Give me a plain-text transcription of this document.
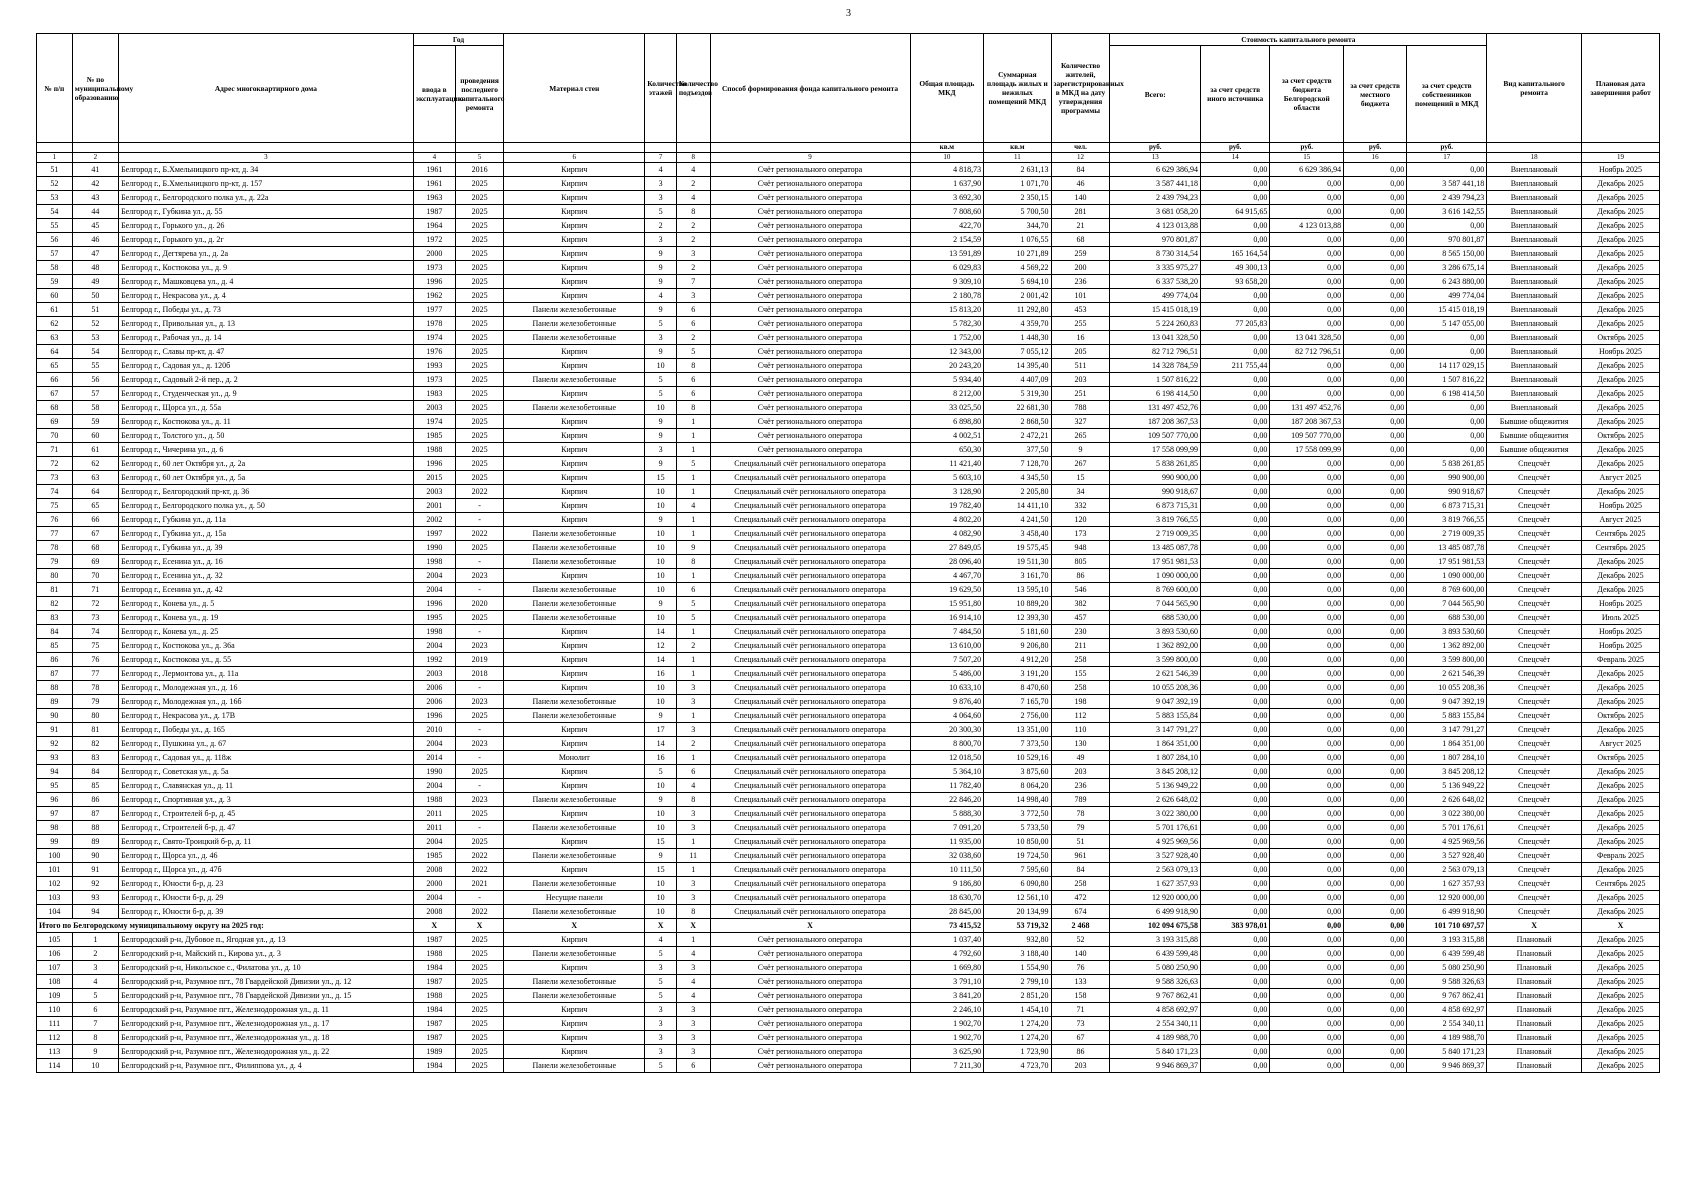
3
№ п/п	№ по муниципальному образованию	Адрес многоквартирного дома	Год		Материал стен	Количество этажей	Количество подъездов	Способ формирования фонда капитального ремонта	Общая площадь МКД	Суммарная площадь жилых и нежилых помещений МКД	Количество жителей, зарегистрированных в МКД на дату утверждения программы	Стоимость капитального ремонта					Вид капитального ремонта	Плановая дата завершения работ
			ввода в эксплуатацию	проведения последнего капитального ремонта								Всего:	за счет средств иного источника	за счет средств бюджета Белгородской области	за счет средств местного бюджета	за счет средств собственников помещений в МКД		
									кв.м	кв.м	чел.	руб.	руб.	руб.	руб.	руб.		
1	2	3	4	5	6	7	8	9	10	11	12	13	14	15	16	17	18	19
51	41	Белгород г., Б.Хмельницкого пр-кт, д. 34	1961	2016	Кирпич	4	4	Счёт регионального оператора	4 818,73	2 631,13	84	6 629 386,94	0,00	6 629 386,94	0,00	0,00	Внеплановый	Ноябрь 2025
52	42	Белгород г., Б.Хмельницкого пр-кт, д. 157	1961	2025	Кирпич	3	2	Счёт регионального оператора	1 637,90	1 071,70	46	3 587 441,18	0,00	0,00	0,00	3 587 441,18	Внеплановый	Декабрь 2025
53	43	Белгород г., Белгородского полка ул., д. 22а	1963	2025	Кирпич	3	4	Счёт регионального оператора	3 692,30	2 350,15	140	2 439 794,23	0,00	0,00	0,00	2 439 794,23	Внеплановый	Декабрь 2025
54	44	Белгород г., Губкина ул., д. 55	1987	2025	Кирпич	5	8	Счёт регионального оператора	7 808,60	5 700,50	281	3 681 058,20	64 915,65	0,00	0,00	3 616 142,55	Внеплановый	Декабрь 2025
55	45	Белгород г., Горького ул., д. 26	1964	2025	Кирпич	2	2	Счёт регионального оператора	422,70	344,70	21	4 123 013,88	0,00	4 123 013,88	0,00	0,00	Внеплановый	Декабрь 2025
56	46	Белгород г., Горького ул., д. 2г	1972	2025	Кирпич	3	2	Счёт регионального оператора	2 154,59	1 076,55	68	970 801,87	0,00	0,00	0,00	970 801,87	Внеплановый	Декабрь 2025
57	47	Белгород г., Дегтярева ул., д. 2а	2000	2025	Кирпич	9	3	Счёт регионального оператора	13 591,89	10 271,89	259	8 730 314,54	165 164,54	0,00	0,00	8 565 150,00	Внеплановый	Декабрь 2025
58	48	Белгород г., Костюкова ул., д. 9	1973	2025	Кирпич	9	2	Счёт регионального оператора	6 029,83	4 569,22	200	3 335 975,27	49 300,13	0,00	0,00	3 286 675,14	Внеплановый	Декабрь 2025
59	49	Белгород г., Машковцева ул., д. 4	1996	2025	Кирпич	9	7	Счёт регионального оператора	9 309,10	5 694,10	236	6 337 538,20	93 658,20	0,00	0,00	6 243 880,00	Внеплановый	Декабрь 2025
60	50	Белгород г., Некрасова ул., д. 4	1962	2025	Кирпич	4	3	Счёт регионального оператора	2 180,78	2 001,42	101	499 774,04	0,00	0,00	0,00	499 774,04	Внеплановый	Декабрь 2025
61	51	Белгород г., Победы ул., д. 73	1977	2025	Панели железобетонные	9	6	Счёт регионального оператора	15 813,20	11 292,80	453	15 415 018,19	0,00	0,00	0,00	15 415 018,19	Внеплановый	Декабрь 2025
62	52	Белгород г., Привольная ул., д. 13	1978	2025	Панели железобетонные	5	6	Счёт регионального оператора	5 782,30	4 359,70	255	5 224 260,83	77 205,83	0,00	0,00	5 147 055,00	Внеплановый	Декабрь 2025
63	53	Белгород г., Рабочая ул., д. 14	1974	2025	Панели железобетонные	3	2	Счёт регионального оператора	1 752,00	1 448,30	16	13 041 328,50	0,00	13 041 328,50	0,00	0,00	Внеплановый	Октябрь 2025
64	54	Белгород г., Славы пр-кт, д. 47	1976	2025	Кирпич	9	5	Счёт регионального оператора	12 343,00	7 055,12	205	82 712 796,51	0,00	82 712 796,51	0,00	0,00	Внеплановый	Ноябрь 2025
65	55	Белгород г., Садовая ул., д. 120б	1993	2025	Кирпич	10	8	Счёт регионального оператора	20 243,20	14 395,40	511	14 328 784,59	211 755,44	0,00	0,00	14 117 029,15	Внеплановый	Декабрь 2025
66	56	Белгород г., Садовый 2-й пер., д. 2	1973	2025	Панели железобетонные	5	6	Счёт регионального оператора	5 934,40	4 407,09	203	1 507 816,22	0,00	0,00	0,00	1 507 816,22	Внеплановый	Декабрь 2025
67	57	Белгород г., Студенческая ул., д. 9	1983	2025	Кирпич	5	6	Счёт регионального оператора	8 212,00	5 319,30	251	6 198 414,50	0,00	0,00	0,00	6 198 414,50	Внеплановый	Декабрь 2025
68	58	Белгород г., Щорса ул., д. 55а	2003	2025	Панели железобетонные	10	8	Счёт регионального оператора	33 025,50	22 681,30	788	131 497 452,76	0,00	131 497 452,76	0,00	0,00	Внеплановый	Декабрь 2025
69	59	Белгород г., Костюкова ул., д. 11	1974	2025	Кирпич	9	1	Счёт регионального оператора	6 898,80	2 868,50	327	187 208 367,53	0,00	187 208 367,53	0,00	0,00	Бывшие общежития	Декабрь 2025
70	60	Белгород г., Толстого ул., д. 50	1985	2025	Кирпич	9	1	Счёт регионального оператора	4 002,51	2 472,21	265	109 507 770,00	0,00	109 507 770,00	0,00	0,00	Бывшие общежития	Октябрь 2025
71	61	Белгород г., Чичерина ул., д. 6	1988	2025	Кирпич	3	1	Счёт регионального оператора	650,30	377,50	9	17 558 099,99	0,00	17 558 099,99	0,00	0,00	Бывшие общежития	Декабрь 2025
72	62	Белгород г., 60 лет Октября ул., д. 2а	1996	2025	Кирпич	9	5	Специальный счёт регионального оператора	11 421,40	7 128,70	267	5 838 261,85	0,00	0,00	0,00	5 838 261,85	Спецсчёт	Декабрь 2025
73	63	Белгород г., 60 лет Октября ул., д. 5а	2015	2025	Кирпич	15	1	Специальный счёт регионального оператора	5 603,10	4 345,50	15	990 900,00	0,00	0,00	0,00	990 900,00	Спецсчёт	Август 2025
74	64	Белгород г., Белгородский пр-кт, д. 36	2003	2022	Кирпич	10	1	Специальный счёт регионального оператора	3 128,90	2 205,80	34	990 918,67	0,00	0,00	0,00	990 918,67	Спецсчёт	Декабрь 2025
75	65	Белгород г., Белгородского полка ул., д. 50	2001	-	Кирпич	10	4	Специальный счёт регионального оператора	19 782,40	14 411,10	332	6 873 715,31	0,00	0,00	0,00	6 873 715,31	Спецсчёт	Ноябрь 2025
76	66	Белгород г., Губкина ул., д. 11а	2002	-	Кирпич	9	1	Специальный счёт регионального оператора	4 802,20	4 241,50	120	3 819 766,55	0,00	0,00	0,00	3 819 766,55	Спецсчёт	Август 2025
77	67	Белгород г., Губкина ул., д. 15а	1997	2022	Панели железобетонные	10	1	Специальный счёт регионального оператора	4 082,90	3 458,40	173	2 719 009,35	0,00	0,00	0,00	2 719 009,35	Спецсчёт	Сентябрь 2025
78	68	Белгород г., Губкина ул., д. 39	1990	2025	Панели железобетонные	10	9	Специальный счёт регионального оператора	27 849,05	19 575,45	948	13 485 087,78	0,00	0,00	0,00	13 485 087,78	Спецсчёт	Сентябрь 2025
79	69	Белгород г., Есенина ул., д. 16	1998	-	Панели железобетонные	10	8	Специальный счёт регионального оператора	28 096,40	19 511,30	805	17 951 981,53	0,00	0,00	0,00	17 951 981,53	Спецсчёт	Декабрь 2025
80	70	Белгород г., Есенина ул., д. 32	2004	2023	Кирпич	10	1	Специальный счёт регионального оператора	4 467,70	3 161,70	86	1 090 000,00	0,00	0,00	0,00	1 090 000,00	Спецсчёт	Декабрь 2025
81	71	Белгород г., Есенина ул., д. 42	2004	-	Панели железобетонные	10	6	Специальный счёт регионального оператора	19 629,50	13 595,10	546	8 769 600,00	0,00	0,00	0,00	8 769 600,00	Спецсчёт	Декабрь 2025
82	72	Белгород г., Конева ул., д. 5	1996	2020	Панели железобетонные	9	5	Специальный счёт регионального оператора	15 951,80	10 889,20	382	7 044 565,90	0,00	0,00	0,00	7 044 565,90	Спецсчёт	Ноябрь 2025
83	73	Белгород г., Конева ул., д. 19	1995	2025	Панели железобетонные	10	5	Специальный счёт регионального оператора	16 914,10	12 393,30	457	688 530,00	0,00	0,00	0,00	688 530,00	Спецсчёт	Июль 2025
84	74	Белгород г., Конева ул., д. 25	1998	-	Кирпич	14	1	Специальный счёт регионального оператора	7 484,50	5 181,60	230	3 893 530,60	0,00	0,00	0,00	3 893 530,60	Спецсчёт	Ноябрь 2025
85	75	Белгород г., Костюкова ул., д. 36а	2004	2023	Кирпич	12	2	Специальный счёт регионального оператора	13 610,00	9 206,80	211	1 362 892,00	0,00	0,00	0,00	1 362 892,00	Спецсчёт	Ноябрь 2025
86	76	Белгород г., Костюкова ул., д. 55	1992	2019	Кирпич	14	1	Специальный счёт регионального оператора	7 507,20	4 912,20	258	3 599 800,00	0,00	0,00	0,00	3 599 800,00	Спецсчёт	Февраль 2025
87	77	Белгород г., Лермонтова ул., д. 11а	2003	2018	Кирпич	16	1	Специальный счёт регионального оператора	5 486,00	3 191,20	155	2 621 546,39	0,00	0,00	0,00	2 621 546,39	Спецсчёт	Декабрь 2025
88	78	Белгород г., Молодежная ул., д. 16	2006	-	Кирпич	10	3	Специальный счёт регионального оператора	10 633,10	8 470,60	258	10 055 208,36	0,00	0,00	0,00	10 055 208,36	Спецсчёт	Декабрь 2025
89	79	Белгород г., Молодежная ул., д. 16б	2006	2023	Панели железобетонные	10	3	Специальный счёт регионального оператора	9 876,40	7 165,70	198	9 047 392,19	0,00	0,00	0,00	9 047 392,19	Спецсчёт	Декабрь 2025
90	80	Белгород г., Некрасова ул., д. 17В	1996	2025	Панели железобетонные	9	1	Специальный счёт регионального оператора	4 064,60	2 756,00	112	5 883 155,84	0,00	0,00	0,00	5 883 155,84	Спецсчёт	Октябрь 2025
91	81	Белгород г., Победы ул., д. 165	2010	-	Кирпич	17	3	Специальный счёт регионального оператора	20 300,30	13 351,00	110	3 147 791,27	0,00	0,00	0,00	3 147 791,27	Спецсчёт	Декабрь 2025
92	82	Белгород г., Пушкина ул., д. 67	2004	2023	Кирпич	14	2	Специальный счёт регионального оператора	8 800,70	7 373,50	130	1 864 351,00	0,00	0,00	0,00	1 864 351,00	Спецсчёт	Август 2025
93	83	Белгород г., Садовая ул., д. 118ж	2014	-	Монолит	16	1	Специальный счёт регионального оператора	12 018,50	10 529,16	49	1 807 284,10	0,00	0,00	0,00	1 807 284,10	Спецсчёт	Октябрь 2025
94	84	Белгород г., Советская ул., д. 5а	1990	2025	Кирпич	5	6	Специальный счёт регионального оператора	5 364,10	3 875,60	203	3 845 208,12	0,00	0,00	0,00	3 845 208,12	Спецсчёт	Декабрь 2025
95	85	Белгород г., Славянская ул., д. 11	2004	-	Кирпич	10	4	Специальный счёт регионального оператора	11 782,40	8 064,20	236	5 136 949,22	0,00	0,00	0,00	5 136 949,22	Спецсчёт	Декабрь 2025
96	86	Белгород г., Спортивная ул., д. 3	1988	2023	Панели железобетонные	9	8	Специальный счёт регионального оператора	22 846,20	14 998,40	789	2 626 648,02	0,00	0,00	0,00	2 626 648,02	Спецсчёт	Декабрь 2025
97	87	Белгород г., Строителей б-р, д. 45	2011	2025	Кирпич	10	3	Специальный счёт регионального оператора	5 888,30	3 772,50	78	3 022 380,00	0,00	0,00	0,00	3 022 380,00	Спецсчёт	Декабрь 2025
98	88	Белгород г., Строителей б-р, д. 47	2011	-	Панели железобетонные	10	3	Специальный счёт регионального оператора	7 091,20	5 733,50	79	5 701 176,61	0,00	0,00	0,00	5 701 176,61	Спецсчёт	Декабрь 2025
99	89	Белгород г., Свято-Троицкий б-р, д. 11	2004	2025	Кирпич	15	1	Специальный счёт регионального оператора	11 935,00	10 850,00	51	4 925 969,56	0,00	0,00	0,00	4 925 969,56	Спецсчёт	Декабрь 2025
100	90	Белгород г., Щорса ул., д. 46	1985	2022	Панели железобетонные	9	11	Специальный счёт регионального оператора	32 038,60	19 724,50	961	3 527 928,40	0,00	0,00	0,00	3 527 928,40	Спецсчёт	Февраль 2025
101	91	Белгород г., Щорса ул., д. 47б	2008	2022	Кирпич	15	1	Специальный счёт регионального оператора	10 111,50	7 595,60	84	2 563 079,13	0,00	0,00	0,00	2 563 079,13	Спецсчёт	Декабрь 2025
102	92	Белгород г., Юности б-р, д. 23	2000	2021	Панели железобетонные	10	3	Специальный счёт регионального оператора	9 186,80	6 090,80	258	1 627 357,93	0,00	0,00	0,00	1 627 357,93	Спецсчёт	Сентябрь 2025
103	93	Белгород г., Юности б-р, д. 29	2004	-	Несущие панели	10	3	Специальный счёт регионального оператора	18 630,70	12 561,10	472	12 920 000,00	0,00	0,00	0,00	12 920 000,00	Спецсчёт	Декабрь 2025
104	94	Белгород г., Юности б-р, д. 39	2008	2022	Панели железобетонные	10	8	Специальный счёт регионального оператора	28 845,00	20 134,99	674	6 499 918,90	0,00	0,00	0,00	6 499 918,90	Спецсчёт	Декабрь 2025
Итого по Белгородскому муниципальному округу на 2025 год:			Х	Х	Х	Х	Х	Х	73 415,52	53 719,32	2 468	102 094 675,58	383 978,01	0,00	0,00	101 710 697,57	Х	Х
105	1	Белгородский р-н, Дубовое п., Ягодная ул., д. 13	1987	2025	Кирпич	4	1	Счёт регионального оператора	1 037,40	932,80	52	3 193 315,88	0,00	0,00	0,00	3 193 315,88	Плановый	Декабрь 2025
106	2	Белгородский р-н, Майский п., Кирова ул., д. 3	1988	2025	Панели железобетонные	5	4	Счёт регионального оператора	4 792,60	3 188,40	140	6 439 599,48	0,00	0,00	0,00	6 439 599,48	Плановый	Декабрь 2025
107	3	Белгородский р-н, Никольское с., Филатова ул., д. 10	1984	2025	Кирпич	3	3	Счёт регионального оператора	1 669,80	1 554,90	76	5 080 250,90	0,00	0,00	0,00	5 080 250,90	Плановый	Декабрь 2025
108	4	Белгородский р-н, Разумное пгт., 78 Гвардейской Дивизии ул., д. 12	1987	2025	Панели железобетонные	5	4	Счёт регионального оператора	3 791,10	2 799,10	133	9 588 326,63	0,00	0,00	0,00	9 588 326,63	Плановый	Декабрь 2025
109	5	Белгородский р-н, Разумное пгт., 78 Гвардейской Дивизии ул., д. 15	1988	2025	Панели железобетонные	5	4	Счёт регионального оператора	3 841,20	2 851,20	158	9 767 862,41	0,00	0,00	0,00	9 767 862,41	Плановый	Декабрь 2025
110	6	Белгородский р-н, Разумное пгт., Железнодорожная ул., д. 11	1984	2025	Кирпич	3	3	Счёт регионального оператора	2 246,10	1 454,10	71	4 858 692,97	0,00	0,00	0,00	4 858 692,97	Плановый	Декабрь 2025
111	7	Белгородский р-н, Разумное пгт., Железнодорожная ул., д. 17	1987	2025	Кирпич	3	3	Счёт регионального оператора	1 902,70	1 274,20	73	2 554 340,11	0,00	0,00	0,00	2 554 340,11	Плановый	Декабрь 2025
112	8	Белгородский р-н, Разумное пгт., Железнодорожная ул., д. 18	1987	2025	Кирпич	3	3	Счёт регионального оператора	1 902,70	1 274,20	67	4 189 988,70	0,00	0,00	0,00	4 189 988,70	Плановый	Декабрь 2025
113	9	Белгородский р-н, Разумное пгт., Железнодорожная ул., д. 22	1989	2025	Кирпич	3	3	Счёт регионального оператора	3 625,90	1 723,90	86	5 840 171,23	0,00	0,00	0,00	5 840 171,23	Плановый	Декабрь 2025
114	10	Белгородский р-н, Разумное пгт., Филиппова ул., д. 4	1984	2025	Панели железобетонные	5	6	Счёт регионального оператора	7 211,30	4 723,70	203	9 946 869,37	0,00	0,00	0,00	9 946 869,37	Плановый	Декабрь 2025
